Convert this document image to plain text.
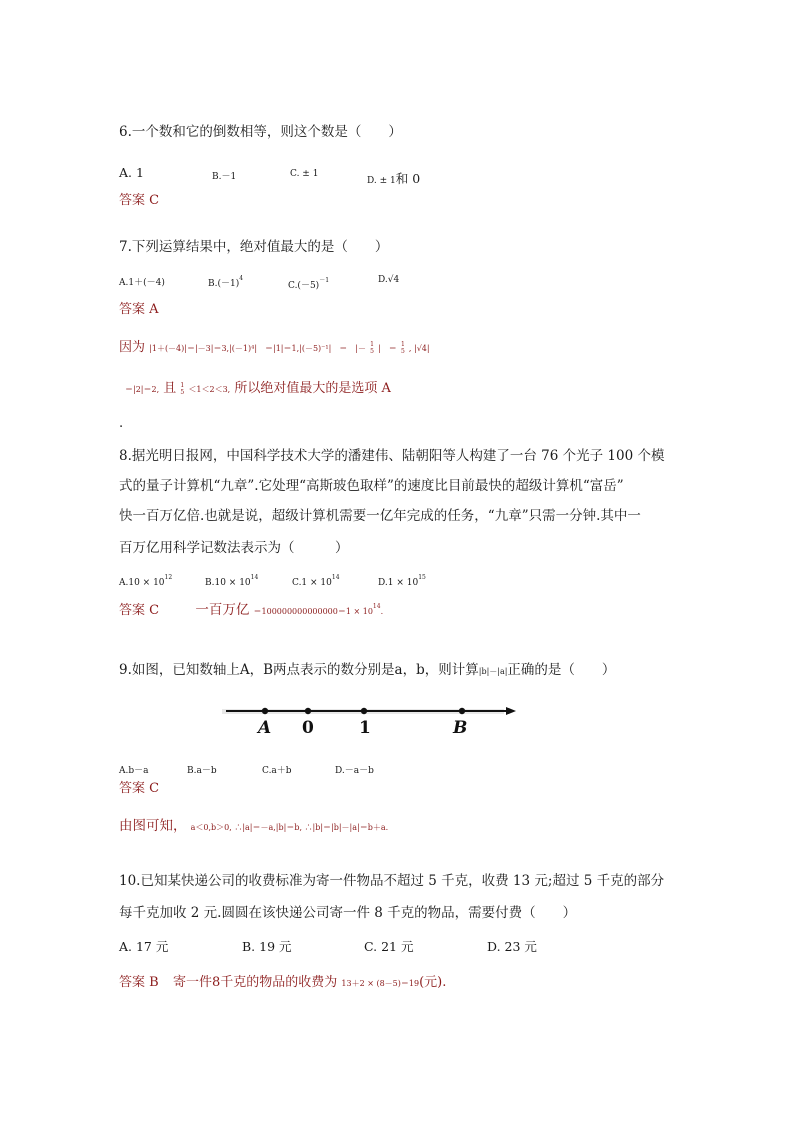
6.一个数和它的倒数相等，则这个数是（　　）
A. 1	B.－1	C. ± 1
D. ± 1和 0
答案 C
7.下列运算结果中，绝对值最大的是（　　）
A.1＋(－4)	$B.(-1)^4$
$C.(-5)^{-1}$	D.√4
答案 A
因为 |1＋(－4)|＝|－3|＝3,|(－1)⁴|　＝|1|＝1,|(－5)⁻¹|　＝　|－ 1
5 |　＝ 1
5 , |√4|
＝|2|＝2, 且 1
5 ＜1＜2＜3, 所以绝对值最大的是选项 A
.
8.据光明日报网，中国科学技术大学的潘建伟、陆朝阳等人构建了一台 76 个光子 100 个模
式的量子计算机“九章”.它处理“高斯玻色取样”的速度比目前最快的超级计算机“富岳”
快一百万亿倍.也就是说，超级计算机需要一亿年完成的任务，“九章”只需一分钟.其中一
百万亿用科学记数法表示为（　　　）
$A.10 \times 10^{12}$
$B.10 \times 10^{14}$
$C.1 \times 10^{14}$
$D.1 \times 10^{15}$
答案 C	一百万亿 $=100000000000000=1 \times 10^{14}$.
9.如图，已知数轴上A，B两点表示的数分别是a，b，则计算|b|－|a|正确的是（　　）
A 0	1	B
A.b－a	B.a－b	C.a＋b	D.－a－b
答案 C
由图可知， a＜0,b＞0, ∴|a|＝－a,|b|＝b, ∴|b|＝|b|－|a|＝b＋a.
10.已知某快递公司的收费标准为寄一件物品不超过 5 千克，收费 13 元;超过 5 千克的部分
每千克加收 2 元.圆圆在该快递公司寄一件 8 千克的物品，需要付费（　　）
A. 17 元	B. 19 元	C. 21 元	D. 23 元
答案 B 寄一件8千克的物品的收费为 13＋2 × (8－5)＝19(元).
